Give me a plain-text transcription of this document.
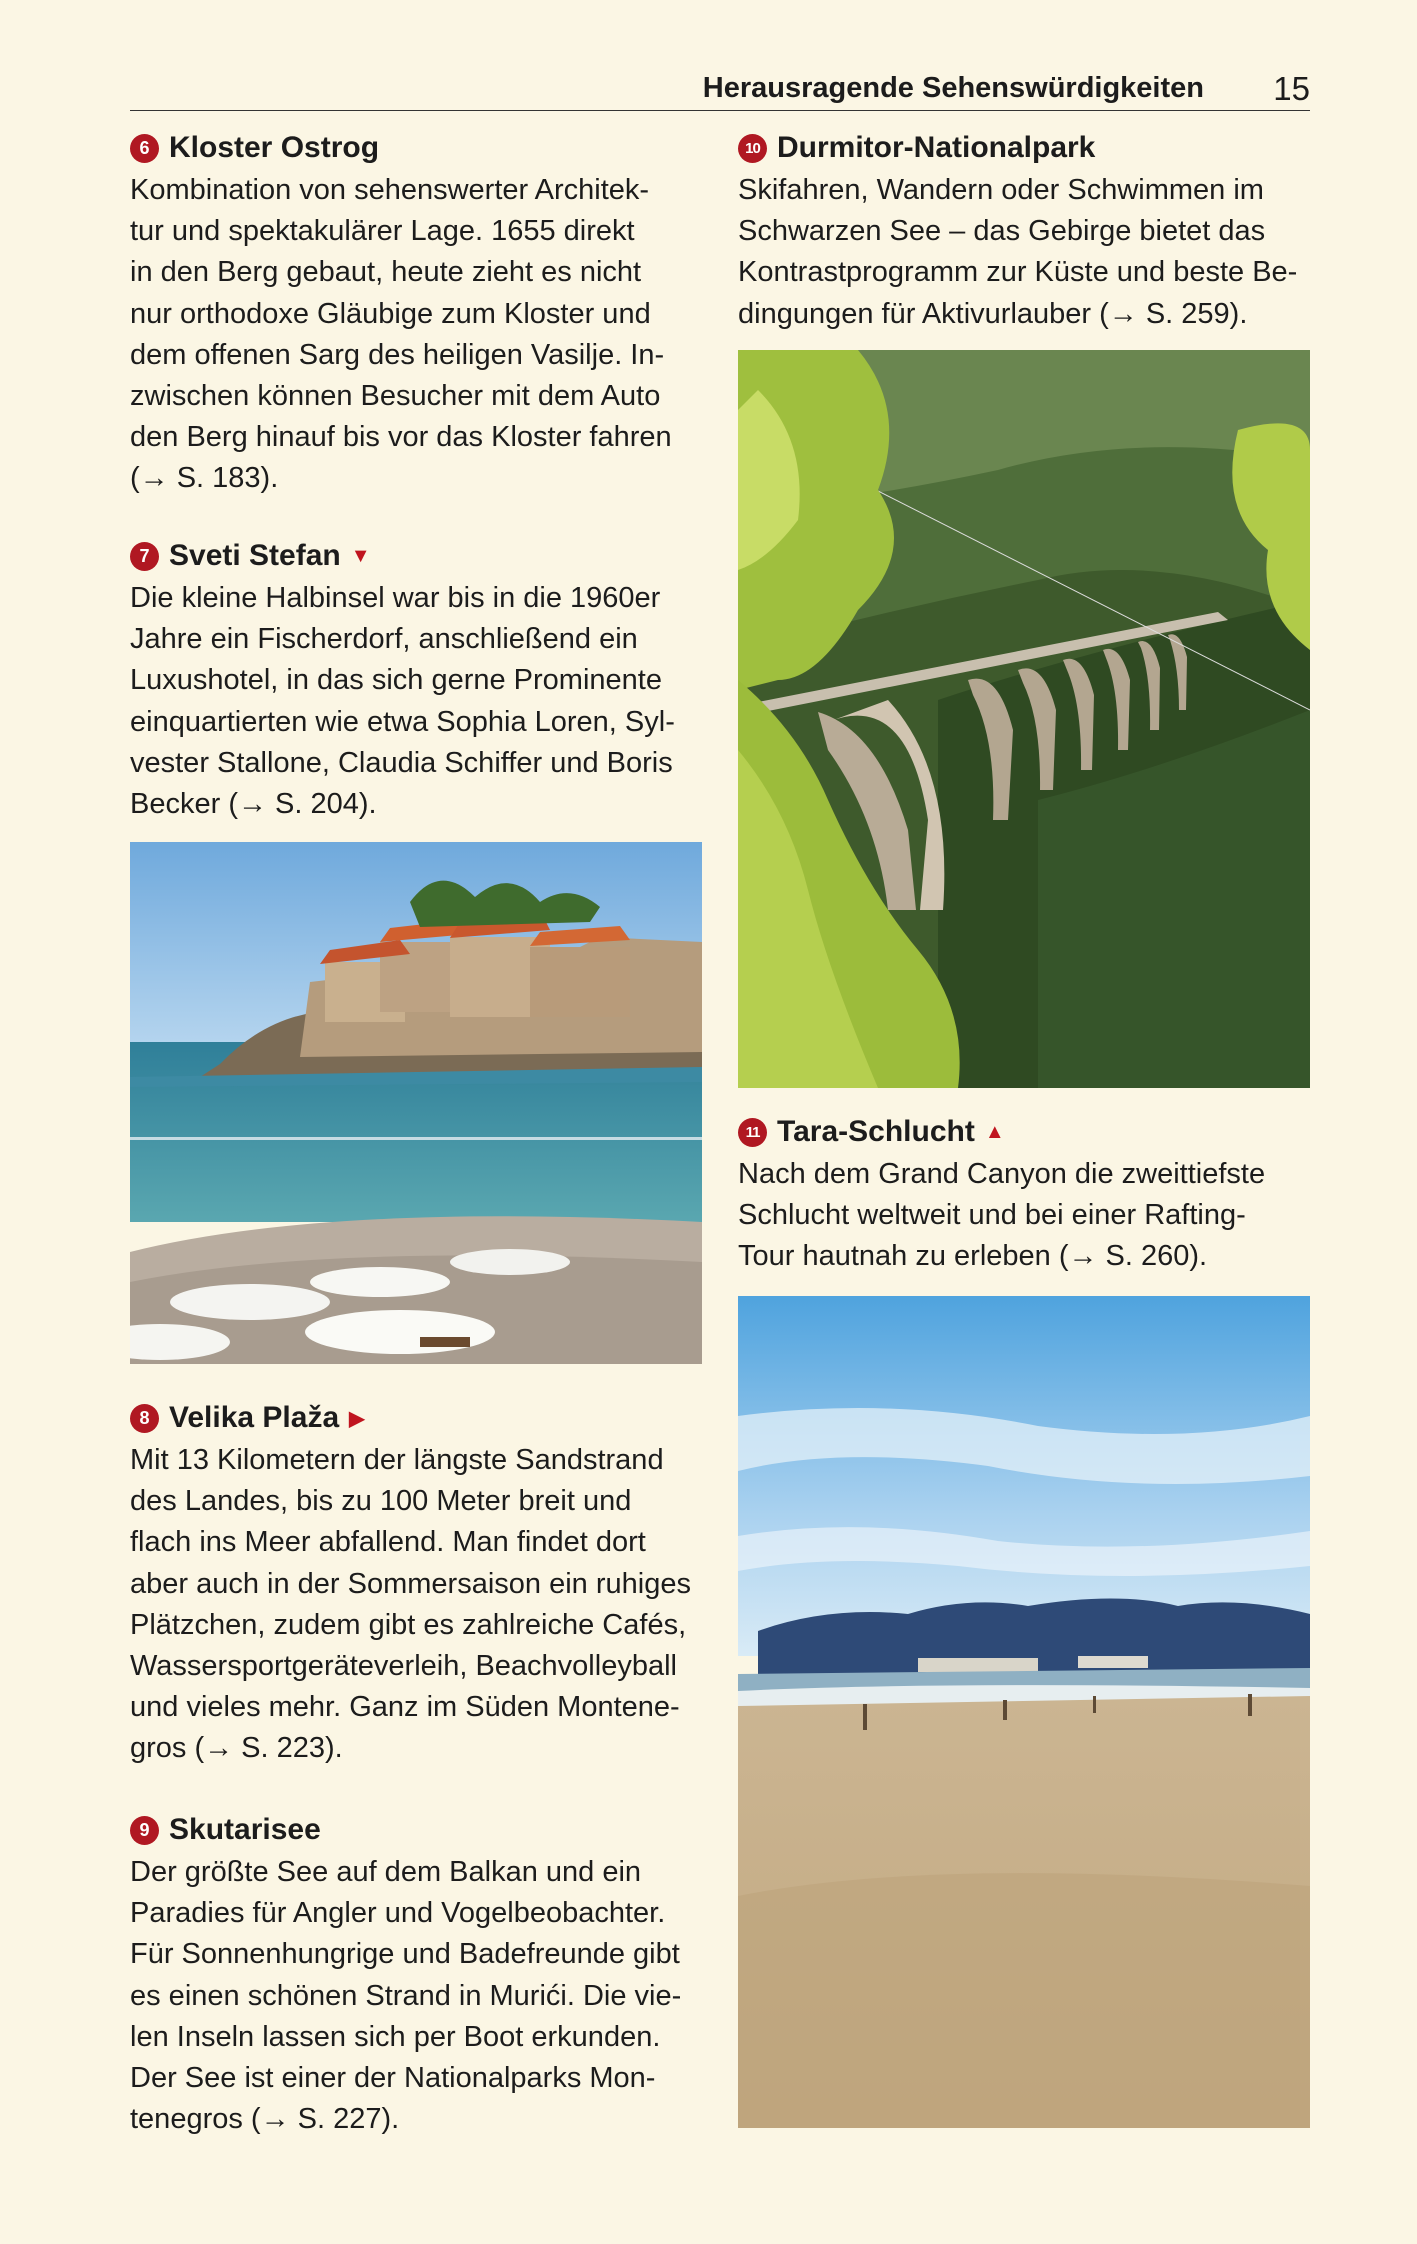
Herausragende Sehenswürdigkeiten 15
6 Kloster Ostrog
Kombination von sehenswerter Architek-
tur und spektakulärer Lage. 1655 direkt
in den Berg gebaut, heute zieht es nicht
nur orthodoxe Gläubige zum Kloster und
dem offenen Sarg des heiligen Vasilje. In-
zwischen können Besucher mit dem Auto
den Berg hinauf bis vor das Kloster fahren
(→ S. 183).
7 Sveti Stefan ▼
Die kleine Halbinsel war bis in die 1960er
Jahre ein Fischerdorf, anschließend ein
Luxushotel, in das sich gerne Prominente
einquartierten wie etwa Sophia Loren, Syl-
vester Stallone, Claudia Schiffer und Boris
Becker (→ S. 204).
8 Velika Plaža ▶
Mit 13 Kilometern der längste Sandstrand
des Landes, bis zu 100 Meter breit und
flach ins Meer abfallend. Man findet dort
aber auch in der Sommersaison ein ruhiges
Plätzchen, zudem gibt es zahlreiche Cafés,
Wassersportgeräteverleih, Beachvolleyball
und vieles mehr. Ganz im Süden Montene-
gros (→ S. 223).
9 Skutarisee
Der größte See auf dem Balkan und ein
Paradies für Angler und Vogelbeobachter.
Für Sonnenhungrige und Badefreunde gibt
es einen schönen Strand in Murići. Die vie-
len Inseln lassen sich per Boot erkunden.
Der See ist einer der Nationalparks Mon-
tenegros (→ S. 227).
10 Durmitor-Nationalpark
Skifahren, Wandern oder Schwimmen im
Schwarzen See – das Gebirge bietet das
Kontrastprogramm zur Küste und beste Be-
dingungen für Aktivurlauber (→ S. 259).
11 Tara-Schlucht ▲
Nach dem Grand Canyon die zweittiefste
Schlucht weltweit und bei einer Rafting-
Tour hautnah zu erleben (→ S. 260).
